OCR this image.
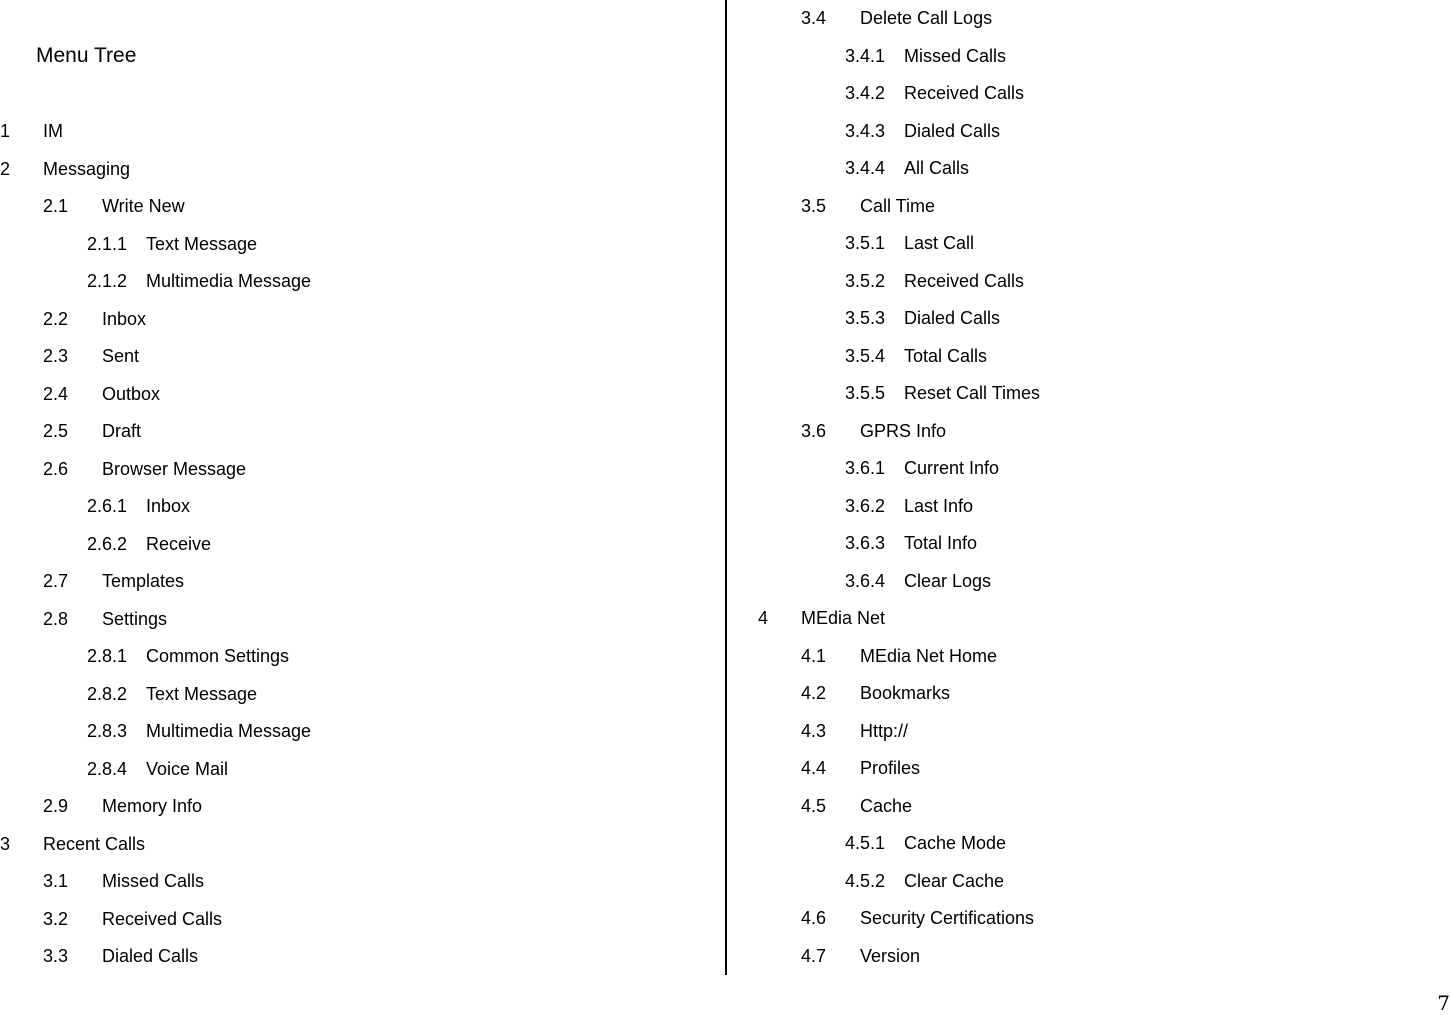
Menu Tree
1 IM
2 Messaging
2.1 Write New
2.1.1 Text Message
2.1.2 Multimedia Message
2.2 Inbox
2.3 Sent
2.4 Outbox
2.5 Draft
2.6 Browser Message
2.6.1 Inbox
2.6.2 Receive
2.7 Templates
2.8 Settings
2.8.1 Common Settings
2.8.2 Text Message
2.8.3 Multimedia Message
2.8.4 Voice Mail
2.9 Memory Info
3 Recent Calls
3.1 Missed Calls
3.2 Received Calls
3.3 Dialed Calls
3.4 Delete Call Logs
3.4.1 Missed Calls
3.4.2 Received Calls
3.4.3 Dialed Calls
3.4.4 All Calls
3.5 Call Time
3.5.1 Last Call
3.5.2 Received Calls
3.5.3 Dialed Calls
3.5.4 Total Calls
3.5.5 Reset Call Times
3.6 GPRS Info
3.6.1 Current Info
3.6.2 Last Info
3.6.3 Total Info
3.6.4 Clear Logs
4 MEdia Net
4.1 MEdia Net Home
4.2 Bookmarks
4.3 Http://
4.4 Profiles
4.5 Cache
4.5.1 Cache Mode
4.5.2 Clear Cache
4.6 Security Certifications
4.7 Version
7
